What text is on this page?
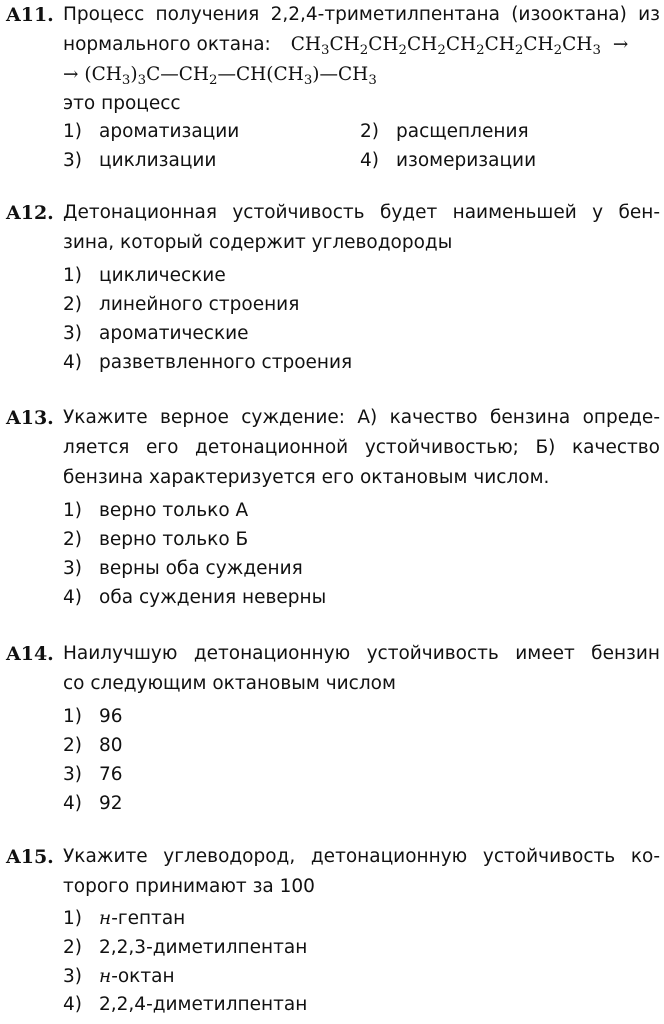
A11. Процесс получения 2,2,4-триметилпентана (изооктана) из
нормального октана: $CH_3CH_2CH_2CH_2CH_2CH_2CH_2CH_3$ →
→ $(CH_3)_3C—CH_2—CH(CH_3)—CH_3$
это процесс
1) ароматизации	2) расщепления
3) циклизации	4) изомеризации
A12. Детонационная устойчивость будет наименьшей у бен-
зина, который содержит углеводороды
1) циклические
2) линейного строения
3) ароматические
4) разветвленного строения
A13. Укажите верное суждение: А) качество бензина опреде-
ляется его детонационной устойчивостью; Б) качество
бензина характеризуется его октановым числом.
1) верно только А
2) верно только Б
3) верны оба суждения
4) оба суждения неверны
A14. Наилучшую детонационную устойчивость имеет бензин
со следующим октановым числом
1) 96
2) 80
3) 76
4) 92
A15. Укажите углеводород, детонационную устойчивость ко-
торого принимают за 100
1) н-гептан
2) 2,2,3-диметилпентан
3) н-октан
4) 2,2,4-диметилпентан
